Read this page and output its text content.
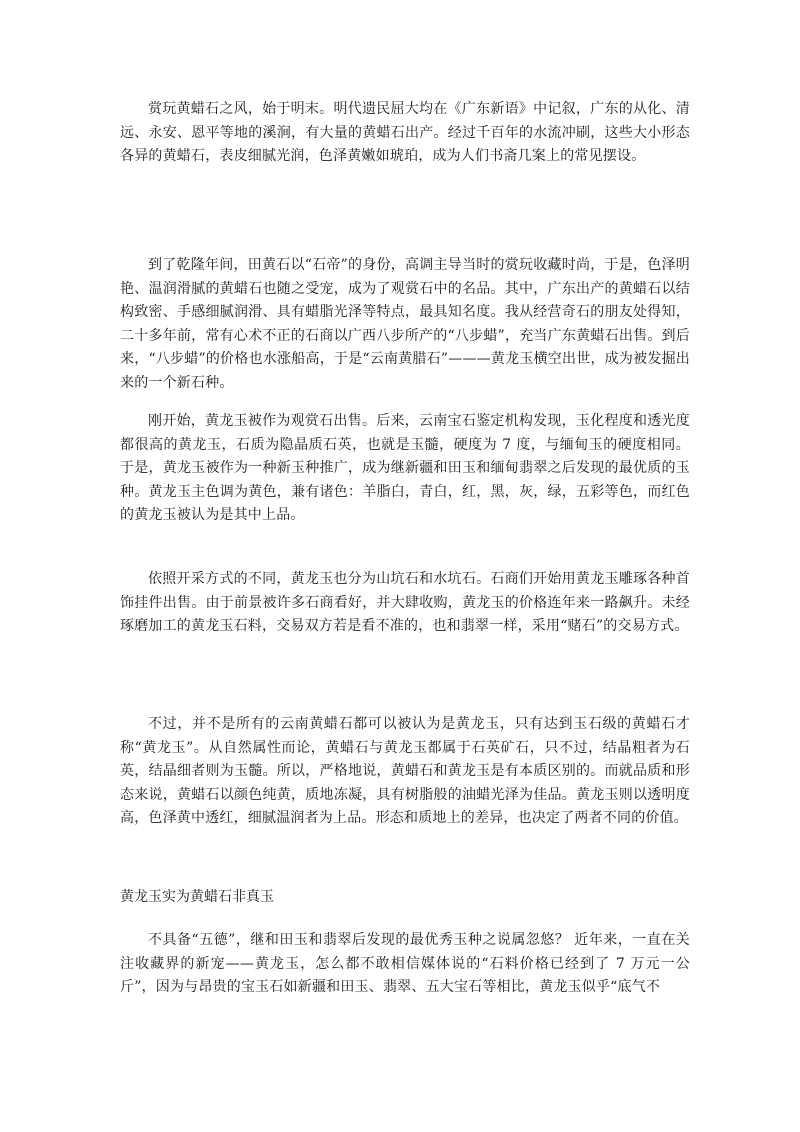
赏玩黄蜡石之风，始于明末。明代遗民屈大均在《广东新语》中记叙，广东的从化、清远、永安、恩平等地的溪涧，有大量的黄蜡石出产。经过千百年的水流冲刷，这些大小形态各异的黄蜡石，表皮细腻光润，色泽黄嫩如琥珀，成为人们书斋几案上的常见摆设。

到了乾隆年间，田黄石以“石帝”的身份，高调主导当时的赏玩收藏时尚，于是，色泽明艳、温润滑腻的黄蜡石也随之受宠，成为了观赏石中的名品。其中，广东出产的黄蜡石以结构致密、手感细腻润滑、具有蜡脂光泽等特点，最具知名度。我从经营奇石的朋友处得知，二十多年前，常有心术不正的石商以广西八步所产的“八步蜡”，充当广东黄蜡石出售。到后来，“八步蜡”的价格也水涨船高，于是“云南黄腊石”———黄龙玉横空出世，成为被发掘出来的一个新石种。

刚开始，黄龙玉被作为观赏石出售。后来，云南宝石鉴定机构发现，玉化程度和透光度都很高的黄龙玉，石质为隐晶质石英，也就是玉髓，硬度为 7 度，与缅甸玉的硬度相同。于是，黄龙玉被作为一种新玉种推广，成为继新疆和田玉和缅甸翡翠之后发现的最优质的玉种。黄龙玉主色调为黄色，兼有诸色：羊脂白，青白，红，黑，灰，绿，五彩等色，而红色的黄龙玉被认为是其中上品。

依照开采方式的不同，黄龙玉也分为山坑石和水坑石。石商们开始用黄龙玉雕琢各种首饰挂件出售。由于前景被许多石商看好，并大肆收购，黄龙玉的价格连年来一路飙升。未经琢磨加工的黄龙玉石料，交易双方若是看不准的，也和翡翠一样，采用“赌石”的交易方式。

不过，并不是所有的云南黄蜡石都可以被认为是黄龙玉，只有达到玉石级的黄蜡石才称“黄龙玉”。从自然属性而论，黄蜡石与黄龙玉都属于石英矿石，只不过，结晶粗者为石英，结晶细者则为玉髓。所以，严格地说，黄蜡石和黄龙玉是有本质区别的。而就品质和形态来说，黄蜡石以颜色纯黄，质地冻凝，具有树脂般的油蜡光泽为佳品。黄龙玉则以透明度高，色泽黄中透红，细腻温润者为上品。形态和质地上的差异，也决定了两者不同的价值。

黄龙玉实为黄蜡石非真玉

不具备“五德”，继和田玉和翡翠后发现的最优秀玉种之说属忽悠？ 近年来，一直在关注收藏界的新宠——黄龙玉，怎么都不敢相信媒体说的“石料价格已经到了 7 万元一公斤”，因为与昂贵的宝玉石如新疆和田玉、翡翠、五大宝石等相比，黄龙玉似乎“底气不
